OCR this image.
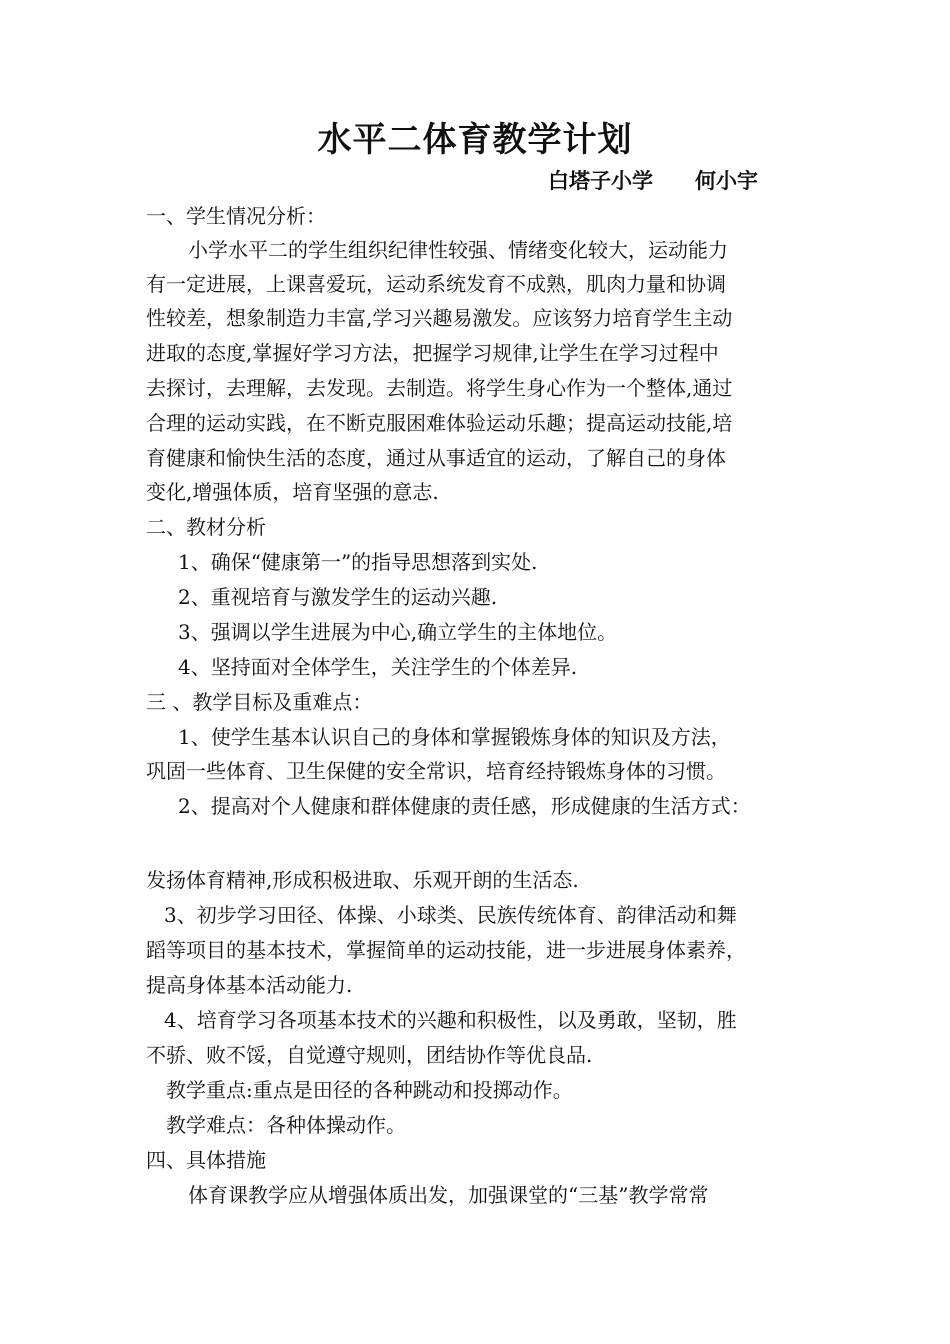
水平二体育教学计划
白塔子小学 何小宇
一、学生情况分析：
小学水平二的学生组织纪律性较强、情绪变化较大，运动能力
有一定进展，上课喜爱玩，运动系统发育不成熟，肌肉力量和协调
性较差，想象制造力丰富,学习兴趣易激发。应该努力培育学生主动
进取的态度,掌握好学习方法，把握学习规律,让学生在学习过程中
去探讨，去理解，去发现。去制造。将学生身心作为一个整体,通过
合理的运动实践，在不断克服困难体验运动乐趣；提高运动技能,培
育健康和愉快生活的态度，通过从事适宜的运动，了解自己的身体
变化,增强体质，培育坚强的意志.
二、教材分析
1、确保“健康第一”的指导思想落到实处.
2、重视培育与激发学生的运动兴趣.
3、强调以学生进展为中心,确立学生的主体地位。
4、坚持面对全体学生，关注学生的个体差异.
三 、教学目标及重难点：
1、使学生基本认识自己的身体和掌握锻炼身体的知识及方法，
巩固一些体育、卫生保健的安全常识，培育经持锻炼身体的习惯。
2、提高对个人健康和群体健康的责任感，形成健康的生活方式：
发扬体育精神,形成积极进取、乐观开朗的生活态.
3、初步学习田径、体操、小球类、民族传统体育、韵律活动和舞
蹈等项目的基本技术，掌握简单的运动技能，进一步进展身体素养，
提高身体基本活动能力.
4、培育学习各项基本技术的兴趣和积极性，以及勇敢，坚韧，胜
不骄、败不馁，自觉遵守规则，团结协作等优良品.
教学重点:重点是田径的各种跳动和投掷动作。
教学难点：各种体操动作。
四、具体措施
体育课教学应从增强体质出发，加强课堂的“三基”教学常常
